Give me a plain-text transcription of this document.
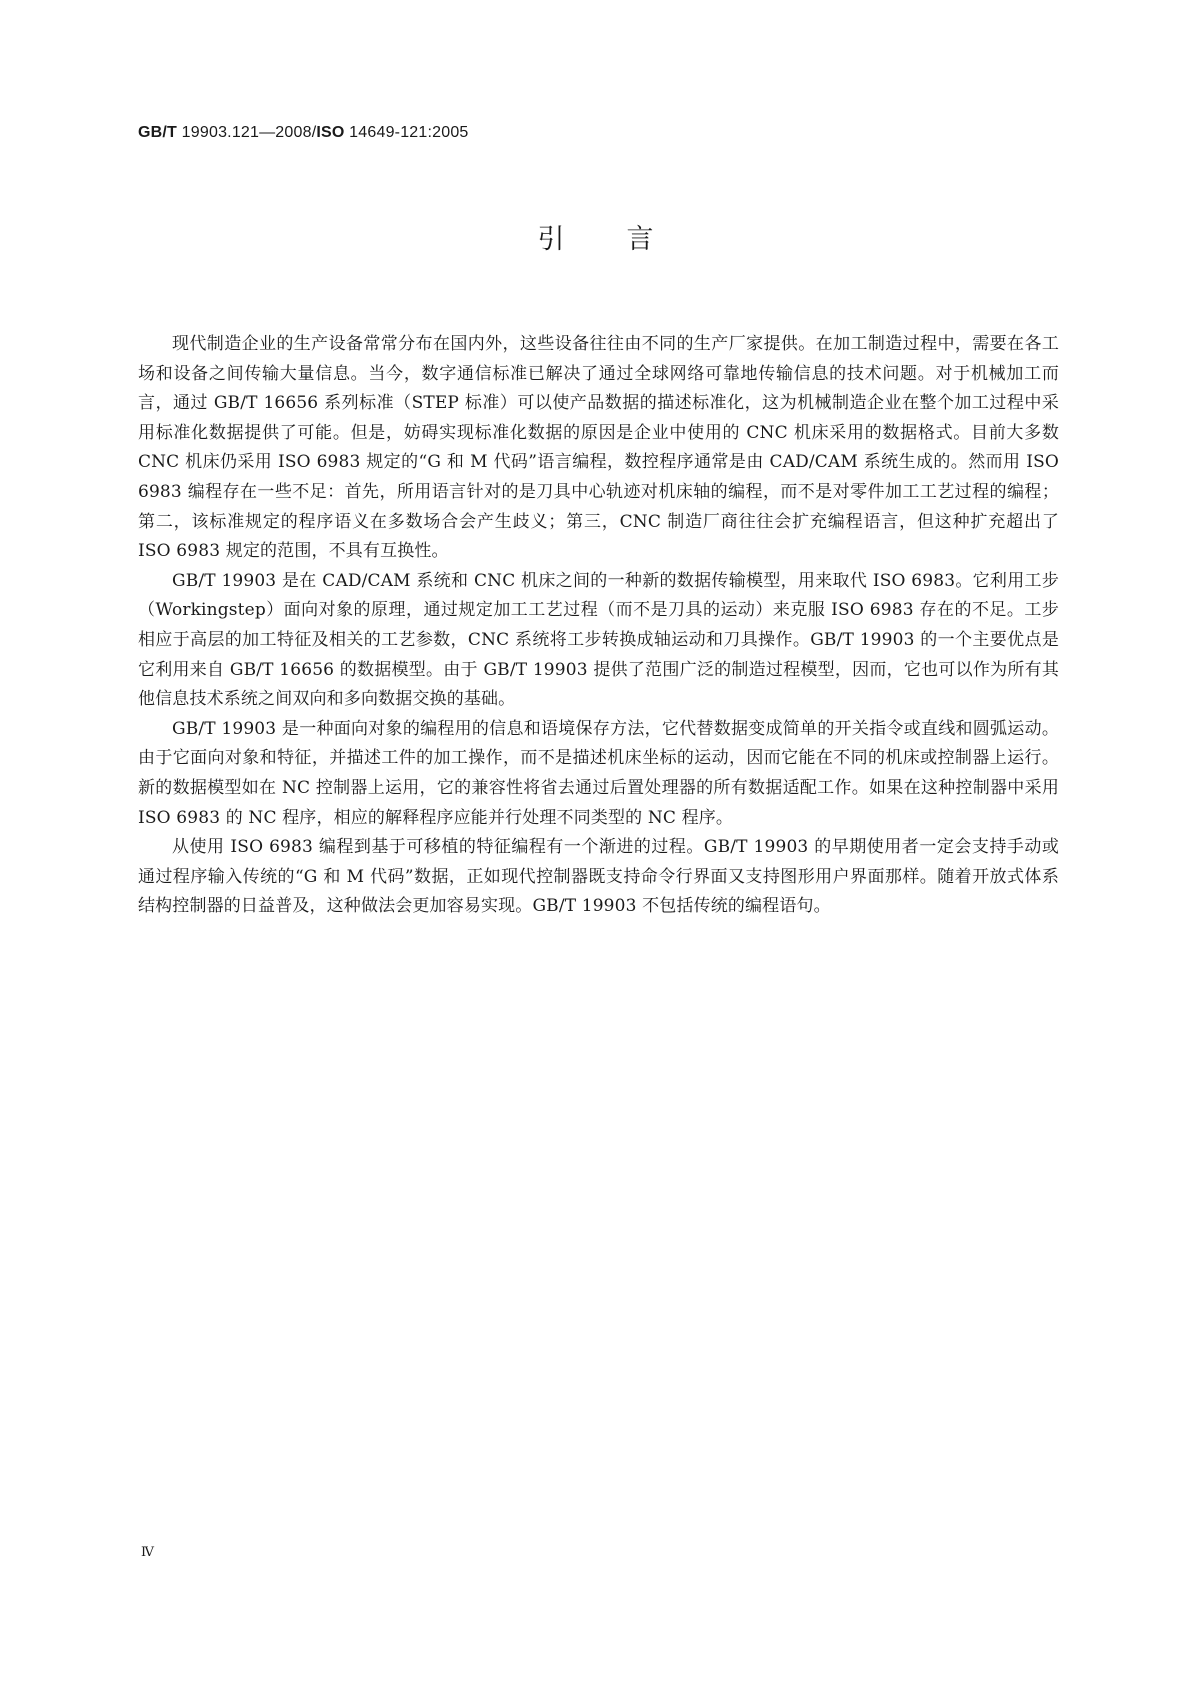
GB/T 19903.121—2008/ISO 14649-121:2005
引言

现代制造企业的生产设备常常分布在国内外，这些设备往往由不同的生产厂家提供。在加工制造过程中，需要在各工场和设备之间传输大量信息。当今，数字通信标准已解决了通过全球网络可靠地传输信息的技术问题。对于机械加工而言，通过 GB/T 16656 系列标准（STEP 标准）可以使产品数据的描述标准化，这为机械制造企业在整个加工过程中采用标准化数据提供了可能。但是，妨碍实现标准化数据的原因是企业中使用的 CNC 机床采用的数据格式。目前大多数 CNC 机床仍采用 ISO 6983 规定的“G 和 M 代码”语言编程，数控程序通常是由 CAD/CAM 系统生成的。然而用 ISO 6983 编程存在一些不足：首先，所用语言针对的是刀具中心轨迹对机床轴的编程，而不是对零件加工工艺过程的编程；第二，该标准规定的程序语义在多数场合会产生歧义；第三，CNC 制造厂商往往会扩充编程语言，但这种扩充超出了 ISO 6983 规定的范围，不具有互换性。

GB/T 19903 是在 CAD/CAM 系统和 CNC 机床之间的一种新的数据传输模型，用来取代 ISO 6983。它利用工步（Workingstep）面向对象的原理，通过规定加工工艺过程（而不是刀具的运动）来克服 ISO 6983 存在的不足。工步相应于高层的加工特征及相关的工艺参数，CNC 系统将工步转换成轴运动和刀具操作。GB/T 19903 的一个主要优点是它利用来自 GB/T 16656 的数据模型。由于 GB/T 19903 提供了范围广泛的制造过程模型，因而，它也可以作为所有其他信息技术系统之间双向和多向数据交换的基础。

GB/T 19903 是一种面向对象的编程用的信息和语境保存方法，它代替数据变成简单的开关指令或直线和圆弧运动。由于它面向对象和特征，并描述工件的加工操作，而不是描述机床坐标的运动，因而它能在不同的机床或控制器上运行。新的数据模型如在 NC 控制器上运用，它的兼容性将省去通过后置处理器的所有数据适配工作。如果在这种控制器中采用 ISO 6983 的 NC 程序，相应的解释程序应能并行处理不同类型的 NC 程序。

从使用 ISO 6983 编程到基于可移植的特征编程有一个渐进的过程。GB/T 19903 的早期使用者一定会支持手动或通过程序输入传统的“G 和 M 代码”数据，正如现代控制器既支持命令行界面又支持图形用户界面那样。随着开放式体系结构控制器的日益普及，这种做法会更加容易实现。GB/T 19903 不包括传统的编程语句。

Ⅳ
